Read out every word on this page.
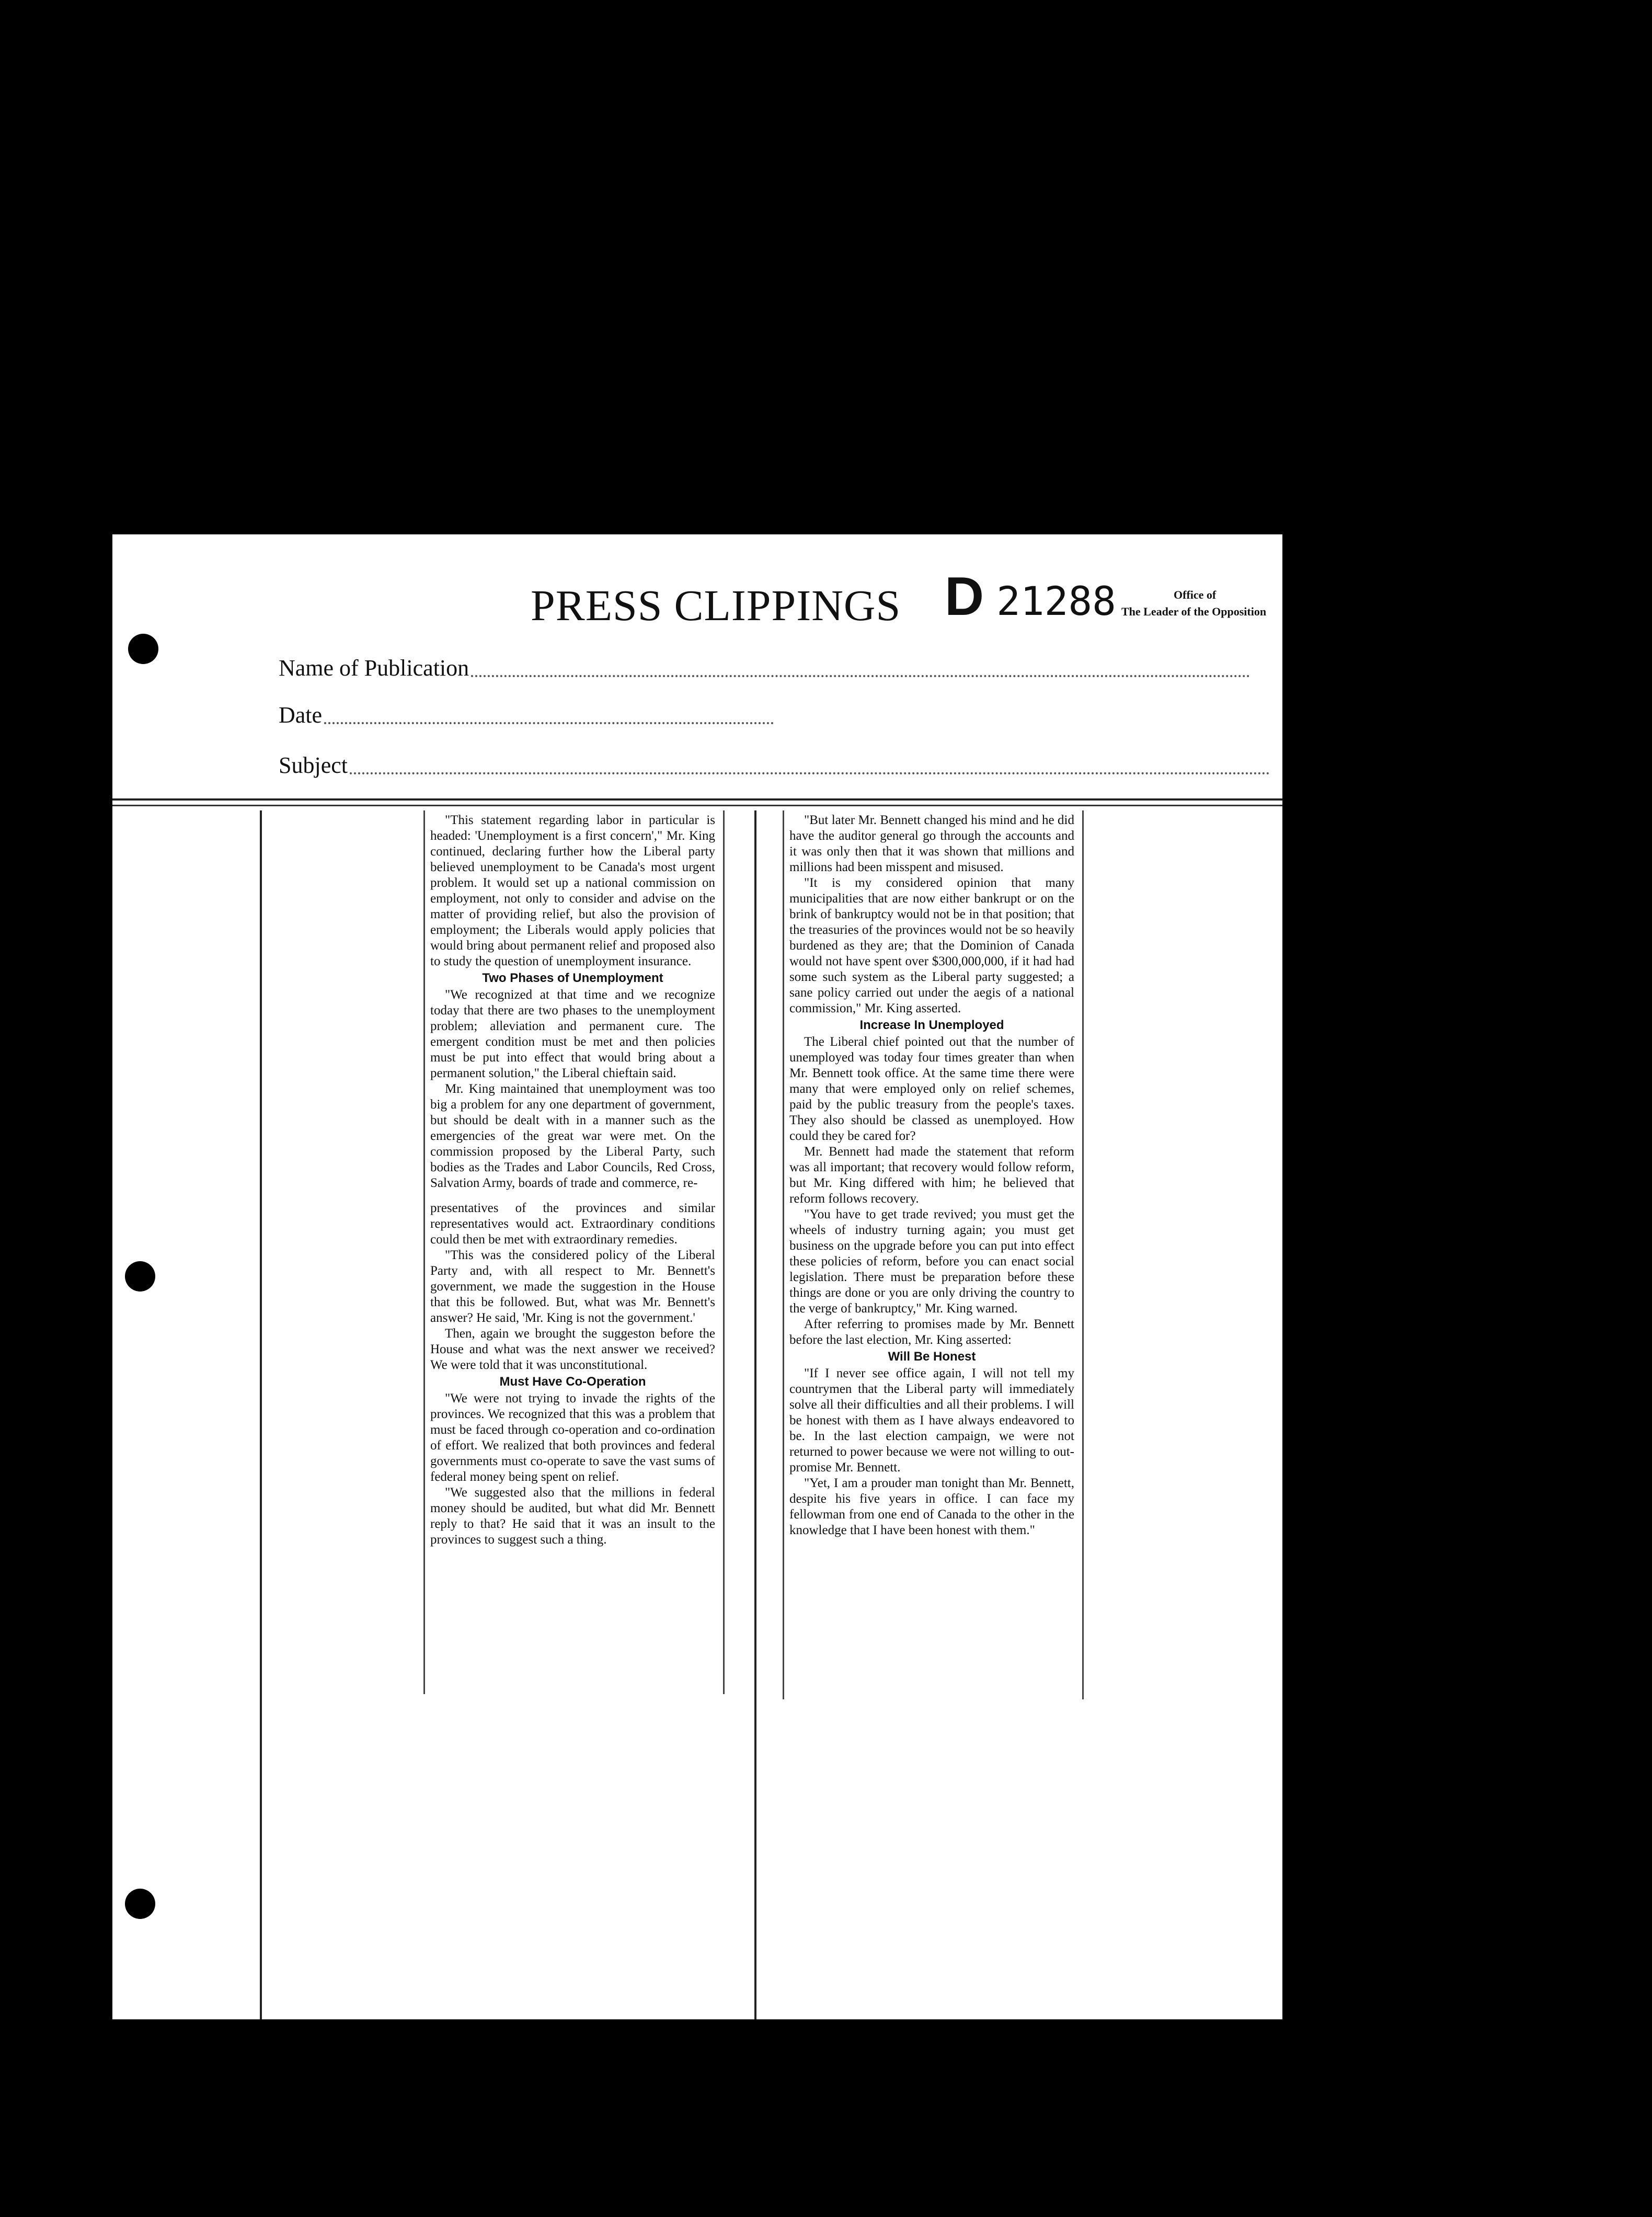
PRESS CLIPPINGS D 21288	Office of
The Leader of the Opposition
Name of Publication
Date
Subject

"This statement regarding labor in particular is headed: 'Unemployment is a first concern'," Mr. King continued, declaring further how the Liberal party believed unemployment to be Canada's most urgent problem. It would set up a national commission on employment, not only to consider and advise on the matter of providing relief, but also the provision of employment; the Liberals would apply policies that would bring about permanent relief and proposed also to study the question of unemployment insurance.

Two Phases of Unemployment

"We recognized at that time and we recognize today that there are two phases to the unemployment problem; alleviation and permanent cure. The emergent condition must be met and then policies must be put into effect that would bring about a permanent solution," the Liberal chieftain said.

Mr. King maintained that unemployment was too big a problem for any one department of government, but should be dealt with in a manner such as the emergencies of the great war were met. On the commission proposed by the Liberal Party, such bodies as the Trades and Labor Councils, Red Cross, Salvation Army, boards of trade and commerce, re-

presentatives of the provinces and similar representatives would act. Extraordinary conditions could then be met with extraordinary remedies.

"This was the considered policy of the Liberal Party and, with all respect to Mr. Bennett's government, we made the suggestion in the House that this be followed. But, what was Mr. Bennett's answer? He said, 'Mr. King is not the government.'

Then, again we brought the suggeston before the House and what was the next answer we received? We were told that it was unconstitutional.

Must Have Co-Operation

"We were not trying to invade the rights of the provinces. We recognized that this was a problem that must be faced through co-operation and co-ordination of effort. We realized that both provinces and federal governments must co-operate to save the vast sums of federal money being spent on relief.

"We suggested also that the millions in federal money should be audited, but what did Mr. Bennett reply to that? He said that it was an insult to the provinces to suggest such a thing.

"But later Mr. Bennett changed his mind and he did have the auditor general go through the accounts and it was only then that it was shown that millions and millions had been misspent and misused.

"It is my considered opinion that many municipalities that are now either bankrupt or on the brink of bankruptcy would not be in that position; that the treasuries of the provinces would not be so heavily burdened as they are; that the Dominion of Canada would not have spent over $300,000,000, if it had had some such system as the Liberal party suggested; a sane policy carried out under the aegis of a national commission," Mr. King asserted.

Increase In Unemployed

The Liberal chief pointed out that the number of unemployed was today four times greater than when Mr. Bennett took office. At the same time there were many that were employed only on relief schemes, paid by the public treasury from the people's taxes. They also should be classed as unemployed. How could they be cared for?

Mr. Bennett had made the statement that reform was all important; that recovery would follow reform, but Mr. King differed with him; he believed that reform follows recovery.

"You have to get trade revived; you must get the wheels of industry turning again; you must get business on the upgrade before you can put into effect these policies of reform, before you can enact social legislation. There must be preparation before these things are done or you are only driving the country to the verge of bankruptcy," Mr. King warned.

After referring to promises made by Mr. Bennett before the last election, Mr. King asserted:

Will Be Honest

"If I never see office again, I will not tell my countrymen that the Liberal party will immediately solve all their difficulties and all their problems. I will be honest with them as I have always endeavored to be. In the last election campaign, we were not returned to power because we were not willing to out-promise Mr. Bennett.

"Yet, I am a prouder man tonight than Mr. Bennett, despite his five years in office. I can face my fellowman from one end of Canada to the other in the knowledge that I have been honest with them."
